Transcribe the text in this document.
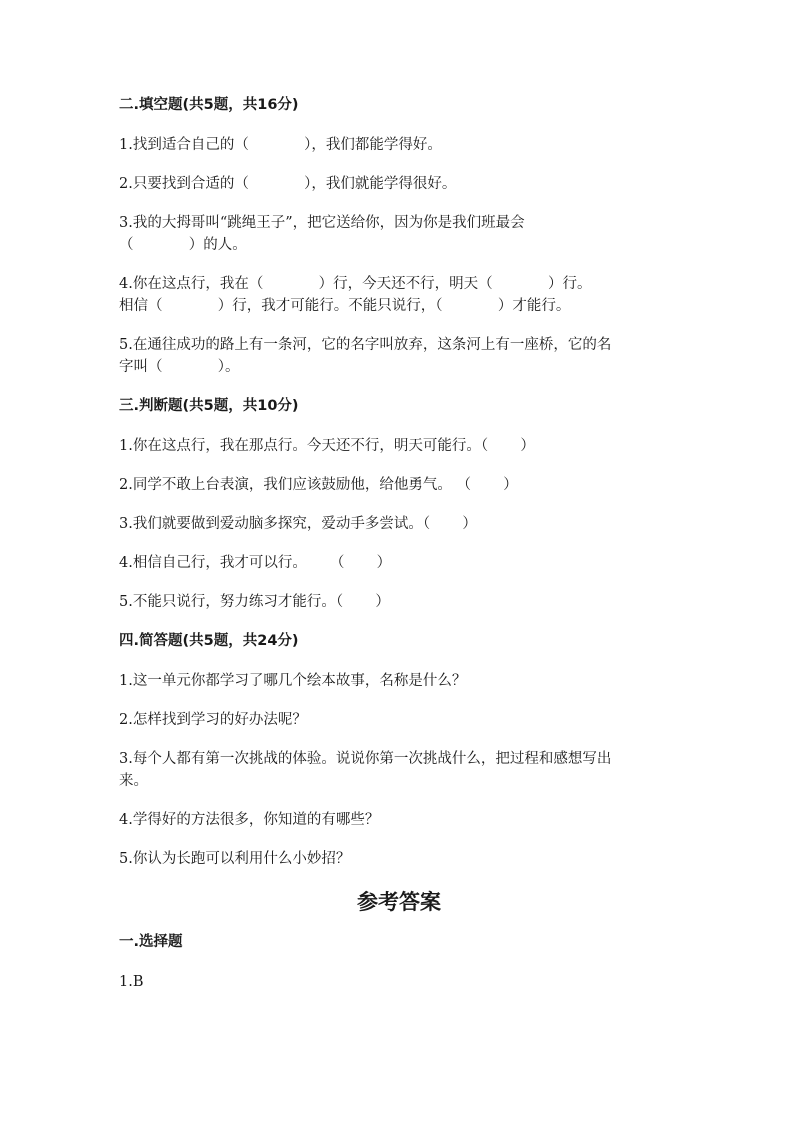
二.填空题(共5题，共16分)
1.找到适合自己的（            ），我们都能学得好。
2.只要找到合适的（            ），我们就能学得很好。
3.我的大拇哥叫“跳绳王子”，把它送给你，因为你是我们班最会
（            ）的人。
4.你在这点行，我在（            ）行，今天还不行，明天（            ）行。
相信（            ）行，我才可能行。不能只说行，（            ）才能行。
5.在通往成功的路上有一条河，它的名字叫放弃，这条河上有一座桥，它的名
字叫（            ）。
三.判断题(共5题，共10分)
1.你在这点行，我在那点行。今天还不行，明天可能行。（       ）
2.同学不敢上台表演，我们应该鼓励他，给他勇气。 （       ）
3.我们就要做到爱动脑多探究，爱动手多尝试。（       ）
4.相信自己行，我才可以行。     （       ）
5.不能只说行，努力练习才能行。（       ）
四.简答题(共5题，共24分)
1.这一单元你都学习了哪几个绘本故事，名称是什么？
2.怎样找到学习的好办法呢？
3.每个人都有第一次挑战的体验。说说你第一次挑战什么，把过程和感想写出
来。
4.学得好的方法很多，你知道的有哪些？
5.你认为长跑可以利用什么小妙招？
参考答案
一.选择题
1.B
